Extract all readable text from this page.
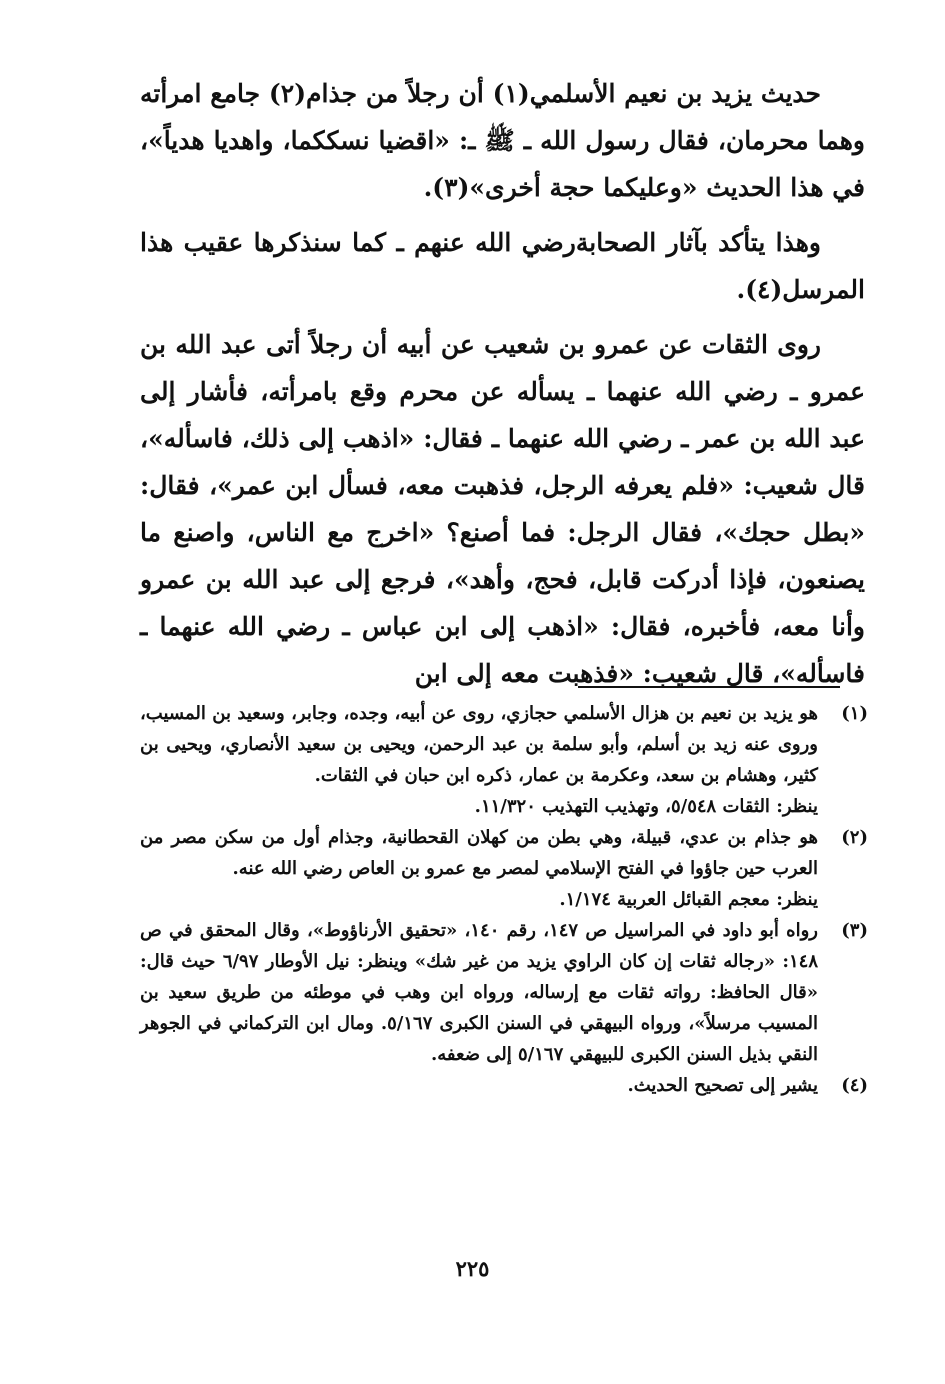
حديث يزيد بن نعيم الأسلمي(١) أن رجلاً من جذام(٢) جامع امرأته وهما محرمان، فقال رسول الله ـ ﷺ ـ: «اقضيا نسككما، واهديا هدياً»، في هذا الحديث «وعليكما حجة أخرى»(٣).

وهذا يتأكد بآثار الصحابةرضي الله عنهم ـ كما سنذكرها عقيب هذا المرسل(٤).

روى الثقات عن عمرو بن شعيب عن أبيه أن رجلاً أتى عبد الله بن عمرو ـ رضي الله عنهما ـ يسأله عن محرم وقع بامرأته، فأشار إلى عبد الله بن عمر ـ رضي الله عنهما ـ فقال: «اذهب إلى ذلك، فاسأله»، قال شعيب: «فلم يعرفه الرجل، فذهبت معه، فسأل ابن عمر»، فقال: «بطل حجك»، فقال الرجل: فما أصنع؟ «اخرج مع الناس، واصنع ما يصنعون، فإذا أدركت قابل، فحج، وأهد»، فرجع إلى عبد الله بن عمرو وأنا معه، فأخبره، فقال: «اذهب إلى ابن عباس ـ رضي الله عنهما ـ فاسأله»، قال شعيب: «فذهبت معه إلى ابن

(١)
هو يزيد بن نعيم بن هزال الأسلمي حجازي، روى عن أبيه، وجده، وجابر، وسعيد بن المسيب، وروى عنه زيد بن أسلم، وأبو سلمة بن عبد الرحمن، ويحيى بن سعيد الأنصاري، ويحيى بن كثير، وهشام بن سعد، وعكرمة بن عمار، ذكره ابن حبان في الثقات.
ينظر: الثقات ٥/٥٤٨، وتهذيب التهذيب ١١/٣٢٠.
(٢)
هو جذام بن عدي، قبيلة، وهي بطن من كهلان القحطانية، وجذام أول من سكن مصر من العرب حين جاؤوا في الفتح الإسلامي لمصر مع عمرو بن العاص رضي الله عنه.
ينظر: معجم القبائل العربية ١/١٧٤.
(٣)
رواه أبو داود في المراسيل ص ١٤٧، رقم ١٤٠، «تحقيق الأرناؤوط»، وقال المحقق في ص ١٤٨: «رجاله ثقات إن كان الراوي يزيد من غير شك» وينظر: نيل الأوطار ٦/٩٧ حيث قال: «قال الحافظ: رواته ثقات مع إرساله، ورواه ابن وهب في موطئه من طريق سعيد بن المسيب مرسلاً»، ورواه البيهقي في السنن الكبرى ٥/١٦٧. ومال ابن التركماني في الجوهر النقي بذيل السنن الكبرى للبيهقي ٥/١٦٧ إلى ضعفه.
(٤)
يشير إلى تصحيح الحديث.
٢٢٥
